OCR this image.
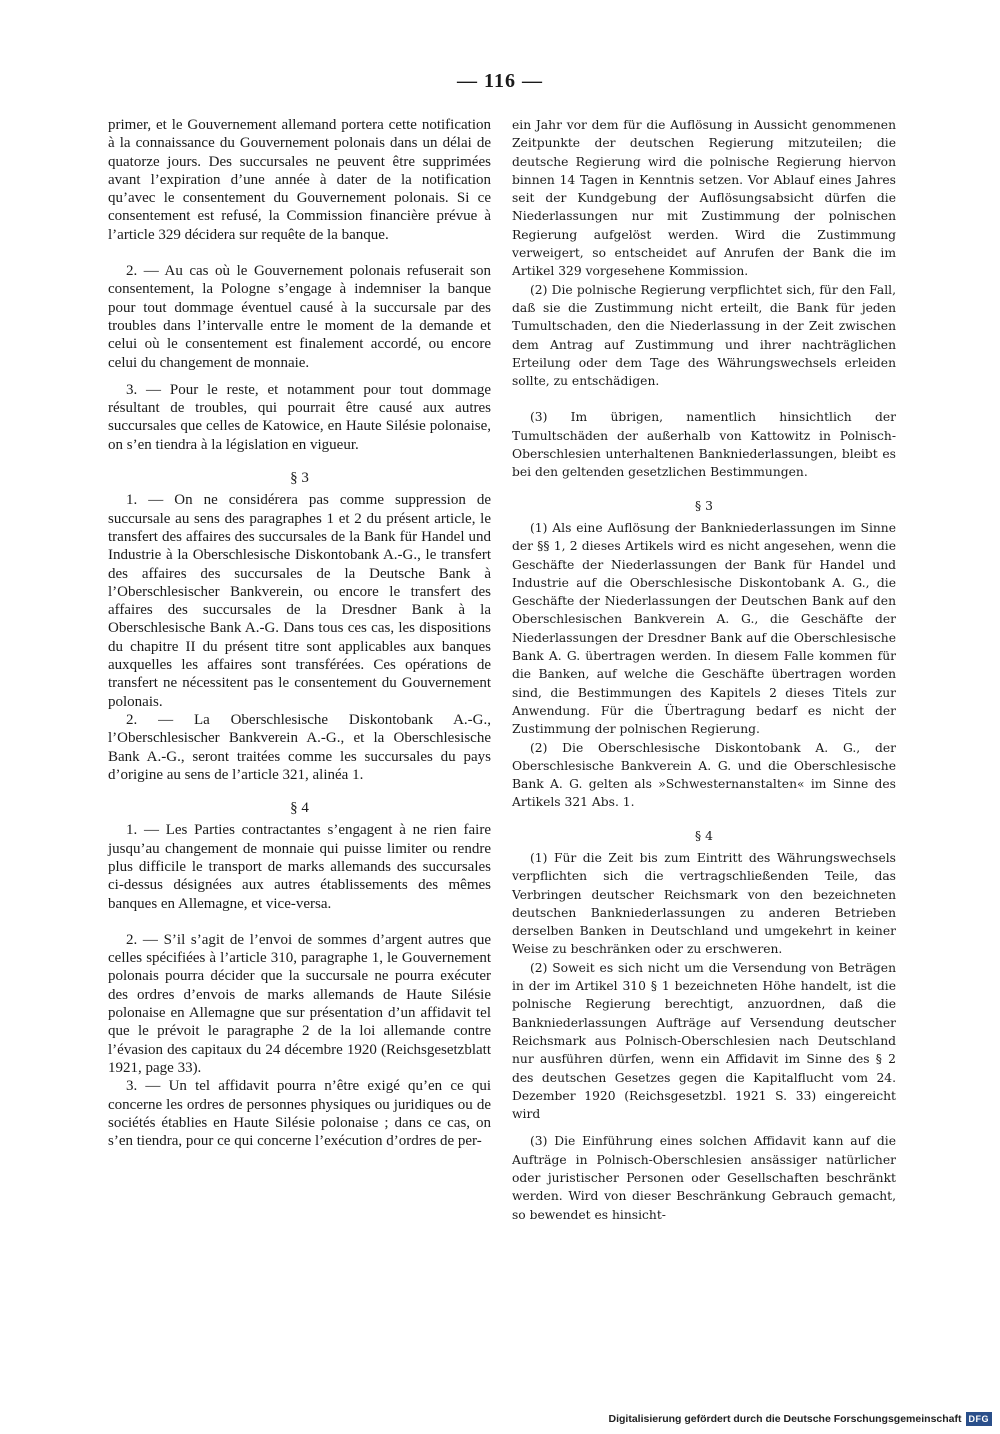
— 116 —

primer, et le Gouvernement allemand portera cette notification à la connaissance du Gouvernement polonais dans un délai de quatorze jours. Des succursales ne peuvent être supprimées avant l’expiration d’une année à dater de la notification qu’avec le consentement du Gouvernement polonais. Si ce consentement est refusé, la Commission financière prévue à l’article 329 décidera sur requête de la banque.

2. — Au cas où le Gouvernement polonais refuserait son consentement, la Pologne s’engage à indemniser la banque pour tout dommage éventuel causé à la succursale par des troubles dans l’intervalle entre le moment de la demande et celui où le consentement est finalement accordé, ou encore celui du changement de monnaie.

3. — Pour le reste, et notamment pour tout dommage résultant de troubles, qui pourrait être causé aux autres succursales que celles de Katowice, en Haute Silésie polonaise, on s’en tiendra à la législation en vigueur.

§ 3

1. — On ne considérera pas comme suppression de succursale au sens des paragraphes 1 et 2 du présent article, le transfert des affaires des succursales de la Bank für Handel und Industrie à la Oberschlesische Diskontobank A.-G., le transfert des affaires des succursales de la Deutsche Bank à l’Oberschlesischer Bankverein, ou encore le transfert des affaires des succursales de la Dresdner Bank à la Oberschlesische Bank A.-G. Dans tous ces cas, les dispositions du chapitre II du présent titre sont applicables aux banques auxquelles les affaires sont transférées. Ces opérations de transfert ne nécessitent pas le consentement du Gouvernement polonais.

2. — La Oberschlesische Diskontobank A.-G., l’Oberschlesischer Bankverein A.-G., et la Oberschlesische Bank A.-G., seront traitées comme les succursales du pays d’origine au sens de l’article 321, alinéa 1.

§ 4

1. — Les Parties contractantes s’engagent à ne rien faire jusqu’au changement de monnaie qui puisse limiter ou rendre plus difficile le transport de marks allemands des succursales ci-dessus désignées aux autres établissements des mêmes banques en Allemagne, et vice-versa.

2. — S’il s’agit de l’envoi de sommes d’argent autres que celles spécifiées à l’article 310, paragraphe 1, le Gouvernement polonais pourra décider que la succursale ne pourra exécuter des ordres d’envois de marks allemands de Haute Silésie polonaise en Allemagne que sur présentation d’un affidavit tel que le prévoit le paragraphe 2 de la loi allemande contre l’évasion des capitaux du 24 décembre 1920 (Reichsgesetzblatt 1921, page 33).

3. — Un tel affidavit pourra n’être exigé qu’en ce qui concerne les ordres de personnes physiques ou juridiques ou de sociétés établies en Haute Silésie polonaise ; dans ce cas, on s’en tiendra, pour ce qui concerne l’exécution d’ordres de per-

ein Jahr vor dem für die Auflösung in Aussicht genommenen Zeitpunkte der deutschen Regierung mitzuteilen; die deutsche Regierung wird die polnische Regierung hiervon binnen 14 Tagen in Kenntnis setzen. Vor Ablauf eines Jahres seit der Kundgebung der Auflösungsabsicht dürfen die Niederlassungen nur mit Zustimmung der polnischen Regierung aufgelöst werden. Wird die Zustimmung verweigert, so entscheidet auf Anrufen der Bank die im Artikel 329 vorgesehene Kommission.

(2) Die polnische Regierung verpflichtet sich, für den Fall, daß sie die Zustimmung nicht erteilt, die Bank für jeden Tumultschaden, den die Niederlassung in der Zeit zwischen dem Antrag auf Zustimmung und ihrer nachträglichen Erteilung oder dem Tage des Währungswechsels erleiden sollte, zu entschädigen.

(3) Im übrigen, namentlich hinsichtlich der Tumultschäden der außerhalb von Kattowitz in Polnisch-Oberschlesien unterhaltenen Bankniederlassungen, bleibt es bei den geltenden gesetzlichen Bestimmungen.

§ 3

(1) Als eine Auflösung der Bankniederlassungen im Sinne der §§ 1, 2 dieses Artikels wird es nicht angesehen, wenn die Geschäfte der Niederlassungen der Bank für Handel und Industrie auf die Oberschlesische Diskontobank A. G., die Geschäfte der Niederlassungen der Deutschen Bank auf den Oberschlesischen Bankverein A. G., die Geschäfte der Niederlassungen der Dresdner Bank auf die Oberschlesische Bank A. G. übertragen werden. In diesem Falle kommen für die Banken, auf welche die Geschäfte übertragen worden sind, die Bestimmungen des Kapitels 2 dieses Titels zur Anwendung. Für die Übertragung bedarf es nicht der Zustimmung der polnischen Regierung.

(2) Die Oberschlesische Diskontobank A. G., der Oberschlesische Bankverein A. G. und die Oberschlesische Bank A. G. gelten als »Schwesternanstalten« im Sinne des Artikels 321 Abs. 1.

§ 4

(1) Für die Zeit bis zum Eintritt des Währungswechsels verpflichten sich die vertragschließenden Teile, das Verbringen deutscher Reichsmark von den bezeichneten deutschen Bankniederlassungen zu anderen Betrieben derselben Banken in Deutschland und umgekehrt in keiner Weise zu beschränken oder zu erschweren.

(2) Soweit es sich nicht um die Versendung von Beträgen in der im Artikel 310 § 1 bezeichneten Höhe handelt, ist die polnische Regierung berechtigt, anzuordnen, daß die Bankniederlassungen Aufträge auf Versendung deutscher Reichsmark aus Polnisch-Oberschlesien nach Deutschland nur ausführen dürfen, wenn ein Affidavit im Sinne des § 2 des deutschen Gesetzes gegen die Kapitalflucht vom 24. Dezember 1920 (Reichsgesetzbl. 1921 S. 33) eingereicht wird

(3) Die Einführung eines solchen Affidavit kann auf die Aufträge in Polnisch-Oberschlesien ansässiger natürlicher oder juristischer Personen oder Gesellschaften beschränkt werden. Wird von dieser Beschränkung Gebrauch gemacht, so bewendet es hinsicht-

Digitalisierung gefördert durch die Deutsche Forschungsgemeinschaft DFG
